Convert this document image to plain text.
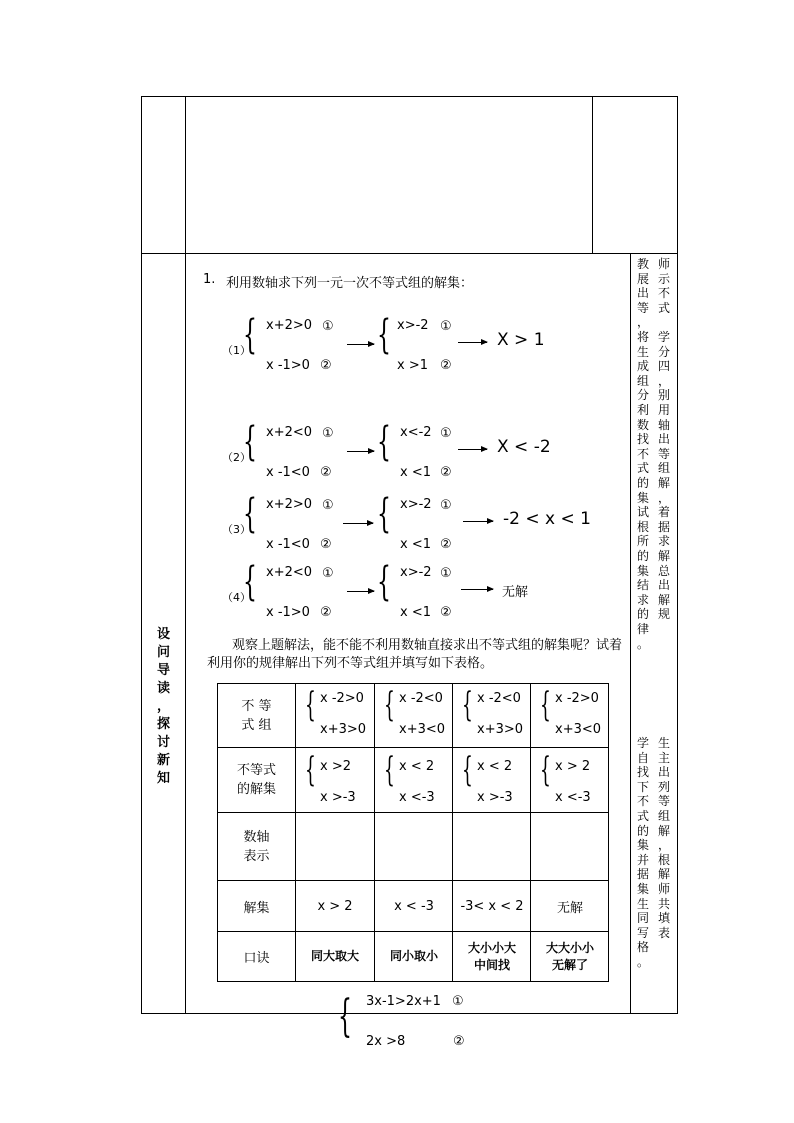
设
问
导
读
，
探
讨
新
知
教
展
出
等
，
将
生
成
组
分
利
数
找
不
式
的
集
试
根
所
的
集
结
求
的
律
。
师
示
不
式
学
分
四
，
别
用
轴
出
等
组
解
，
着
据
求
解
总
出
解
规
学
自
找
下
不
式
的
集
并
据
集
生
同
写
格
。
生
主
出
列
等
组
解
，
根
解
师
共
填
表
1. 利用数轴求下列一元一次不等式组的解集：
（1）
{ x+2>0 ①
x -1>0 ②
{ x>-2 ①
x >1 ②
X > 1
（2）
{ x+2<0 ①
x -1<0 ②
{ x<-2 ①
x <1 ②
X < -2
（3）
{ x+2>0 ①
x -1<0 ②
{ x>-2 ①
x <1 ②
-2 < x < 1
（4）
{ x+2<0 ①
x -1>0 ②
{ x>-2 ①
x <1 ②
无解
观察上题解法，能不能不利用数轴直接求出不等式组的解集呢？试着
利用你的规律解出下列不等式组并填写如下表格。
不 等
式 组
不等式
的解集
数轴
表示
解集
口诀
{ x -2>0
x+3>0
{ x >2
x >-3
x > 2
同大取大
{ x -2<0
x+3<0
{ x < 2
x <-3
x < -3
同小取小
{ x -2<0
x+3>0
{ x < 2
x >-3
-3< x < 2
大小小大
中间找
{ x -2>0
x+3<0
{ x > 2
x <-3
无解
大大小小
无解了
{ 3x-1>2x+1 ①
2x >8	②
